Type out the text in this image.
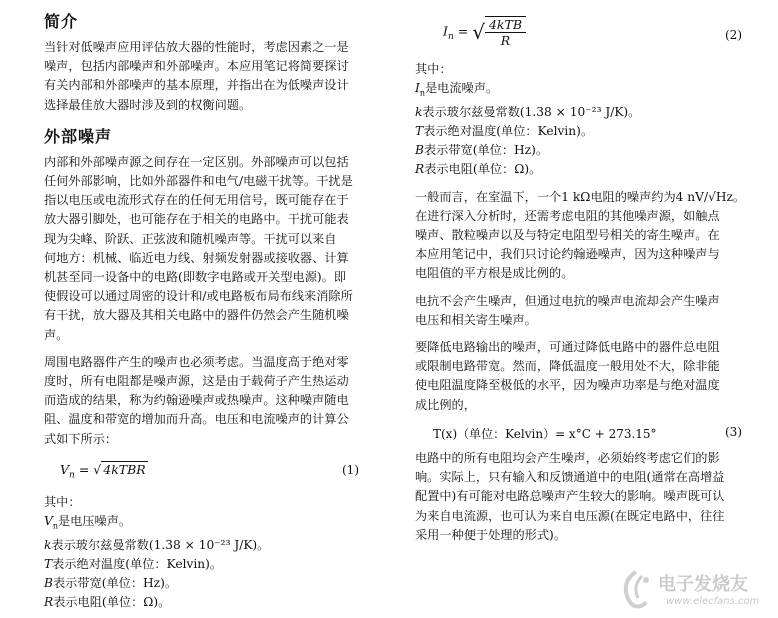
简介
当针对低噪声应用评估放大器的性能时，考虑因素之一是
噪声，包括内部噪声和外部噪声。本应用笔记将简要探讨
有关内部和外部噪声的基本原理，并指出在为低噪声设计
选择最佳放大器时涉及到的权衡问题。
外部噪声
内部和外部噪声源之间存在一定区别。外部噪声可以包括
任何外部影响，比如外部器件和电气/电磁干扰等。干扰是
指以电压或电流形式存在的任何无用信号，既可能存在于
放大器引脚处，也可能存在于相关的电路中。干扰可能表
现为尖峰、阶跃、正弦波和随机噪声等。干扰可以来自
何地方：机械、临近电力线、射频发射器或接收器、计算
机甚至同一设备中的电路(即数字电路或开关型电源)。即
使假设可以通过周密的设计和/或电路板布局布线来消除所
有干扰，放大器及其相关电路中的器件仍然会产生随机噪
声。
周围电路器件产生的噪声也必须考虑。当温度高于绝对零
度时，所有电阻都是噪声源，这是由于载荷子产生热运动
而造成的结果，称为约翰逊噪声或热噪声。这种噪声随电
阻、温度和带宽的增加而升高。电压和电流噪声的计算公
式如下所示：
$V_n$ = √ 4kTBR	(1)
其中：
$V_n$是电压噪声。
k表示玻尔兹曼常数(1.38 × 10⁻²³ J/K)。
T表示绝对温度(单位：Kelvin)。
B表示带宽(单位：Hz)。
R表示电阻(单位：Ω)。
$I_n$ = √ $\frac{\text{4kTB}}{R}$	(2)
其中：
$I_n$是电流噪声。
k表示玻尔兹曼常数(1.38 × 10⁻²³ J/K)。
T表示绝对温度(单位：Kelvin)。
B表示带宽(单位：Hz)。
R表示电阻(单位：Ω)。
一般而言，在室温下，一个1 kΩ电阻的噪声约为4 nV/√Hz。
在进行深入分析时，还需考虑电阻的其他噪声源，如触点
噪声、散粒噪声以及与特定电阻型号相关的寄生噪声。在
本应用笔记中，我们只讨论约翰逊噪声，因为这种噪声与
电阻值的平方根是成比例的。
电抗不会产生噪声，但通过电抗的噪声电流却会产生噪声
电压和相关寄生噪声。
要降低电路输出的噪声，可通过降低电路中的器件总电阻
或限制电路带宽。然而，降低温度一般用处不大，除非能
使电阻温度降至极低的水平，因为噪声功率是与绝对温度
成比例的，
T(x)（单位：Kelvin）= x°C + 273.15°	(3)
电路中的所有电阻均会产生噪声，必须始终考虑它们的影
响。实际上，只有输入和反馈通道中的电阻(通常在高增益
配置中)有可能对电路总噪声产生较大的影响。噪声既可认
为来自电流源，也可认为来自电压源(在既定电路中，往往
采用一种便于处理的形式)。
电子发烧友
www.elecfans.com
